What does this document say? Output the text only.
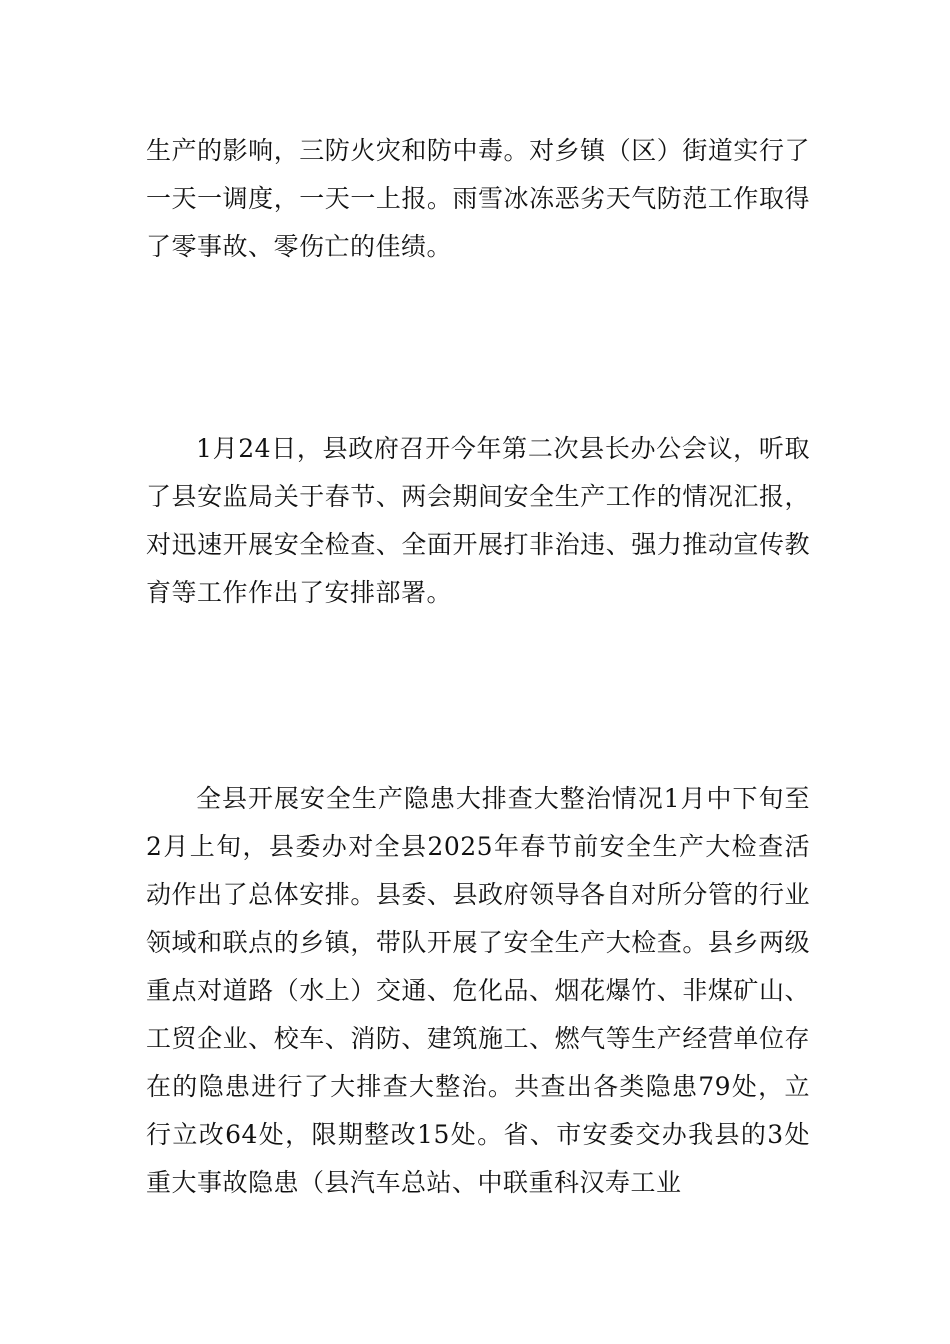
生产的影响，三防火灾和防中毒。对乡镇（区）街道实行了一天一调度，一天一上报。雨雪冰冻恶劣天气防范工作取得了零事故、零伤亡的佳绩。

1月24日，县政府召开今年第二次县长办公会议，听取了县安监局关于春节、两会期间安全生产工作的情况汇报，对迅速开展安全检查、全面开展打非治违、强力推动宣传教育等工作作出了安排部署。

全县开展安全生产隐患大排查大整治情况1月中下旬至2月上旬，县委办对全县2025年春节前安全生产大检查活动作出了总体安排。县委、县政府领导各自对所分管的行业领域和联点的乡镇，带队开展了安全生产大检查。县乡两级重点对道路（水上）交通、危化品、烟花爆竹、非煤矿山、工贸企业、校车、消防、建筑施工、燃气等生产经营单位存在的隐患进行了大排查大整治。共查出各类隐患79处，立行立改64处，限期整改15处。省、市安委交办我县的3处重大事故隐患（县汽车总站、中联重科汉寿工业
